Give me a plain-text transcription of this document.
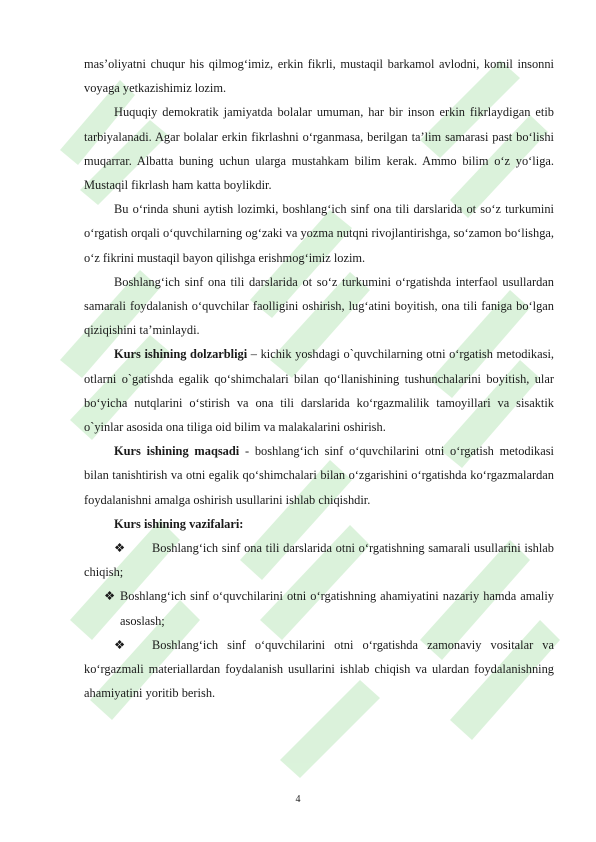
mas’oliyatni chuqur his qilmog‘imiz, erkin fikrli, mustaqil barkamol avlodni, komil insonni voyaga yetkazishimiz lozim.

Huquqiy demokratik jamiyatda bolalar umuman, har bir inson erkin fikrlaydigan etib tarbiyalanadi. Agar bolalar erkin fikrlashni o‘rganmasa, berilgan ta’lim samarasi past bo‘lishi muqarrar. Albatta buning uchun ularga mustahkam bilim kerak. Ammo bilim o‘z yo‘liga. Mustaqil fikrlash ham katta boylikdir.

Bu o‘rinda shuni aytish lozimki, boshlang‘ich sinf ona tili darslarida ot so‘z turkumini o‘rgatish orqali o‘quvchilarning og‘zaki va yozma nutqni rivojlantirishga, so‘zamon bo‘lishga, o‘z fikrini mustaqil bayon qilishga erishmog‘imiz lozim.

Boshlang‘ich sinf ona tili darslarida ot so‘z turkumini o‘rgatishda interfaol usullardan samarali foydalanish o‘quvchilar faolligini oshirish, lug‘atini boyitish, ona tili faniga bo‘lgan qiziqishini ta’minlaydi.

Kurs ishining dolzarbligi – kichik yoshdagi o`quvchilarning otni o‘rgatish metodikasi, otlarni o`gatishda egalik qo‘shimchalari bilan qo‘llanishining tushunchalarini boyitish, ular bo‘yicha nutqlarini o‘stirish va ona tili darslarida ko‘rgazmalilik tamoyillari va sisaktik o`yinlar asosida ona tiliga oid bilim va malakalarini oshirish.

Kurs ishining maqsadi - boshlang‘ich sinf o‘quvchilarini otni o‘rgatish metodikasi bilan tanishtirish va otni egalik qo‘shimchalari bilan o‘zgarishini o‘rgatishda ko‘rgazmalardan foydalanishni amalga oshirish usullarini ishlab chiqishdir.

Kurs ishining vazifalari:

❖ Boshlang‘ich sinf ona tili darslarida otni o‘rgatishning samarali usullarini ishlab chiqish;

❖ Boshlang‘ich sinf o‘quvchilarini otni o‘rgatishning ahamiyatini nazariy hamda amaliy asoslash;

❖ Boshlang‘ich sinf o‘quvchilarini otni o‘rgatishda zamonaviy vositalar va ko‘rgazmali materiallardan foydalanish usullarini ishlab chiqish va ulardan foydalanishning ahamiyatini yoritib berish.

4
